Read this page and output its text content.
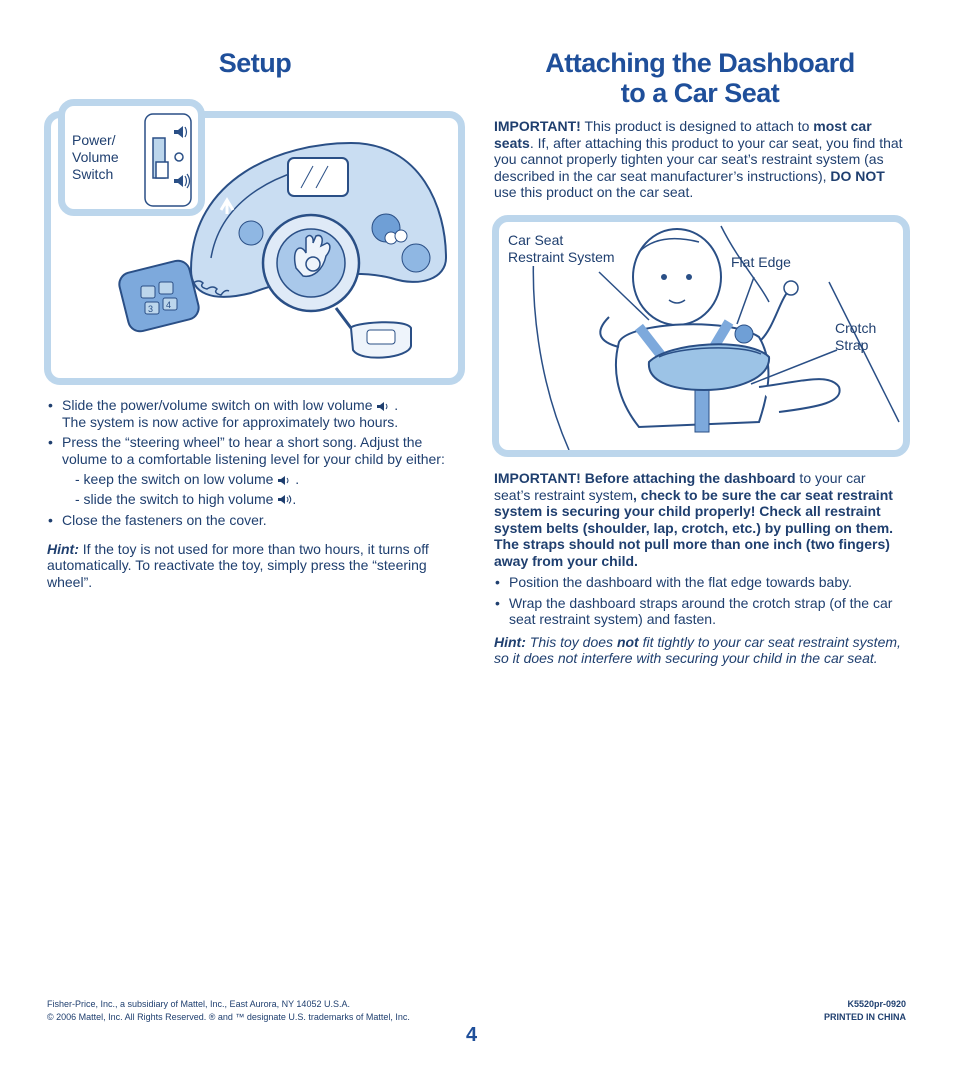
Setup
3 4
Power/
Volume
Switch
• Slide the power/volume switch on with low volume .
The system is now active for approximately two hours.
• Press the “steering wheel” to hear a short song. Adjust the volume to a comfortable listening level for your child by either:
- keep the switch on low volume .
- slide the switch to high volume .
• Close the fasteners on the cover.
Hint: If the toy is not used for more than two hours, it turns off automatically. To reactivate the toy, simply press the “steering wheel”.
Attaching the Dashboard
to a Car Seat
IMPORTANT! This product is designed to attach to most car seats. If, after attaching this product to your car seat, you find that you cannot properly tighten your car seat’s restraint system (as described in the car seat manufacturer’s instructions), DO NOT use this product on the car seat.
Car Seat
Restraint System	Flat Edge
Crotch
Strap
IMPORTANT! Before attaching the dashboard to your car seat’s restraint system, check to be sure the car seat restraint system is securing your child properly! Check all restraint system belts (shoulder, lap, crotch, etc.) by pulling on them. The straps should not pull more than one inch (two fingers) away from your child.
• Position the dashboard with the flat edge towards baby.
• Wrap the dashboard straps around the crotch strap (of the car seat restraint system) and fasten.
Hint: This toy does not fit tightly to your car seat restraint system, so it does not interfere with securing your child in the car seat.
Fisher-Price, Inc., a subsidiary of Mattel, Inc., East Aurora, NY 14052 U.S.A.
© 2006 Mattel, Inc. All Rights Reserved. ® and ™ designate U.S. trademarks of Mattel, Inc.
K5520pr-0920
PRINTED IN CHINA
4
